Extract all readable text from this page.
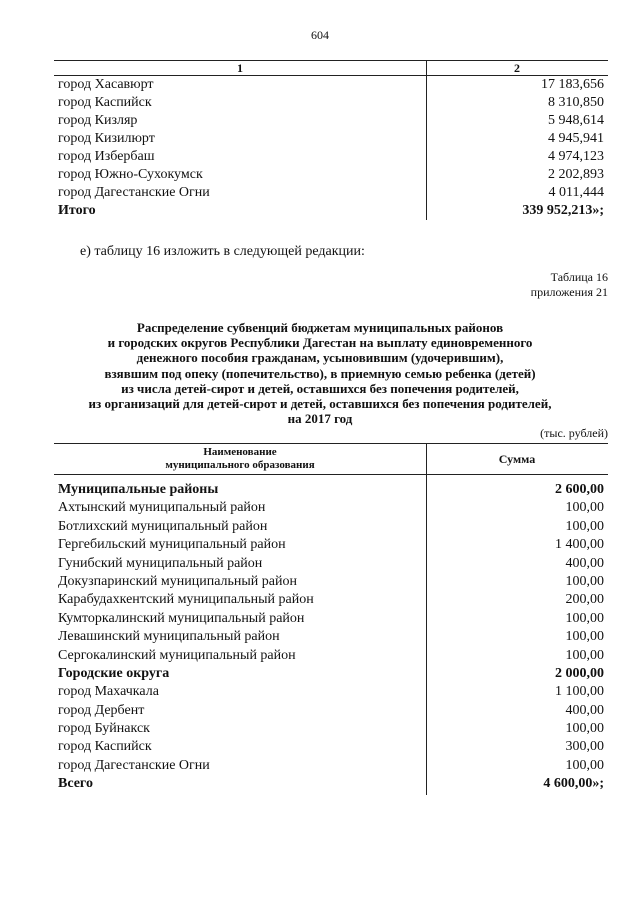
604
1	2
город Хасавюрт	17 183,656
город Каспийск	8 310,850
город Кизляр	5 948,614
город Кизилюрт	4 945,941
город Избербаш	4 974,123
город Южно-Сухокумск	2 202,893
город Дагестанские Огни	4 011,444
Итого	339 952,213»;
е) таблицу 16 изложить в следующей редакции:
Таблица 16
приложения 21
Распределение субвенций бюджетам муниципальных районов
и городских округов Республики Дагестан на выплату единовременного
денежного пособия гражданам, усыновившим (удочерившим),
взявшим под опеку (попечительство), в приемную семью ребенка (детей)
из числа детей-сирот и детей, оставшихся без попечения родителей,
из организаций для детей-сирот и детей, оставшихся без попечения родителей,
на 2017 год
(тыс. рублей)
Наименование
муниципального образования	Сумма
Муниципальные районы	2 600,00
Ахтынский муниципальный район	100,00
Ботлихский муниципальный район	100,00
Гергебильский муниципальный район	1 400,00
Гунибский муниципальный район	400,00
Докузпаринский муниципальный район	100,00
Карабудахкентский муниципальный район	200,00
Кумторкалинский муниципальный район	100,00
Левашинский муниципальный район	100,00
Сергокалинский муниципальный район	100,00
Городские округа	2 000,00
город Махачкала	1 100,00
город Дербент	400,00
город Буйнакск	100,00
город Каспийск	300,00
город Дагестанские Огни	100,00
Всего	4 600,00»;
